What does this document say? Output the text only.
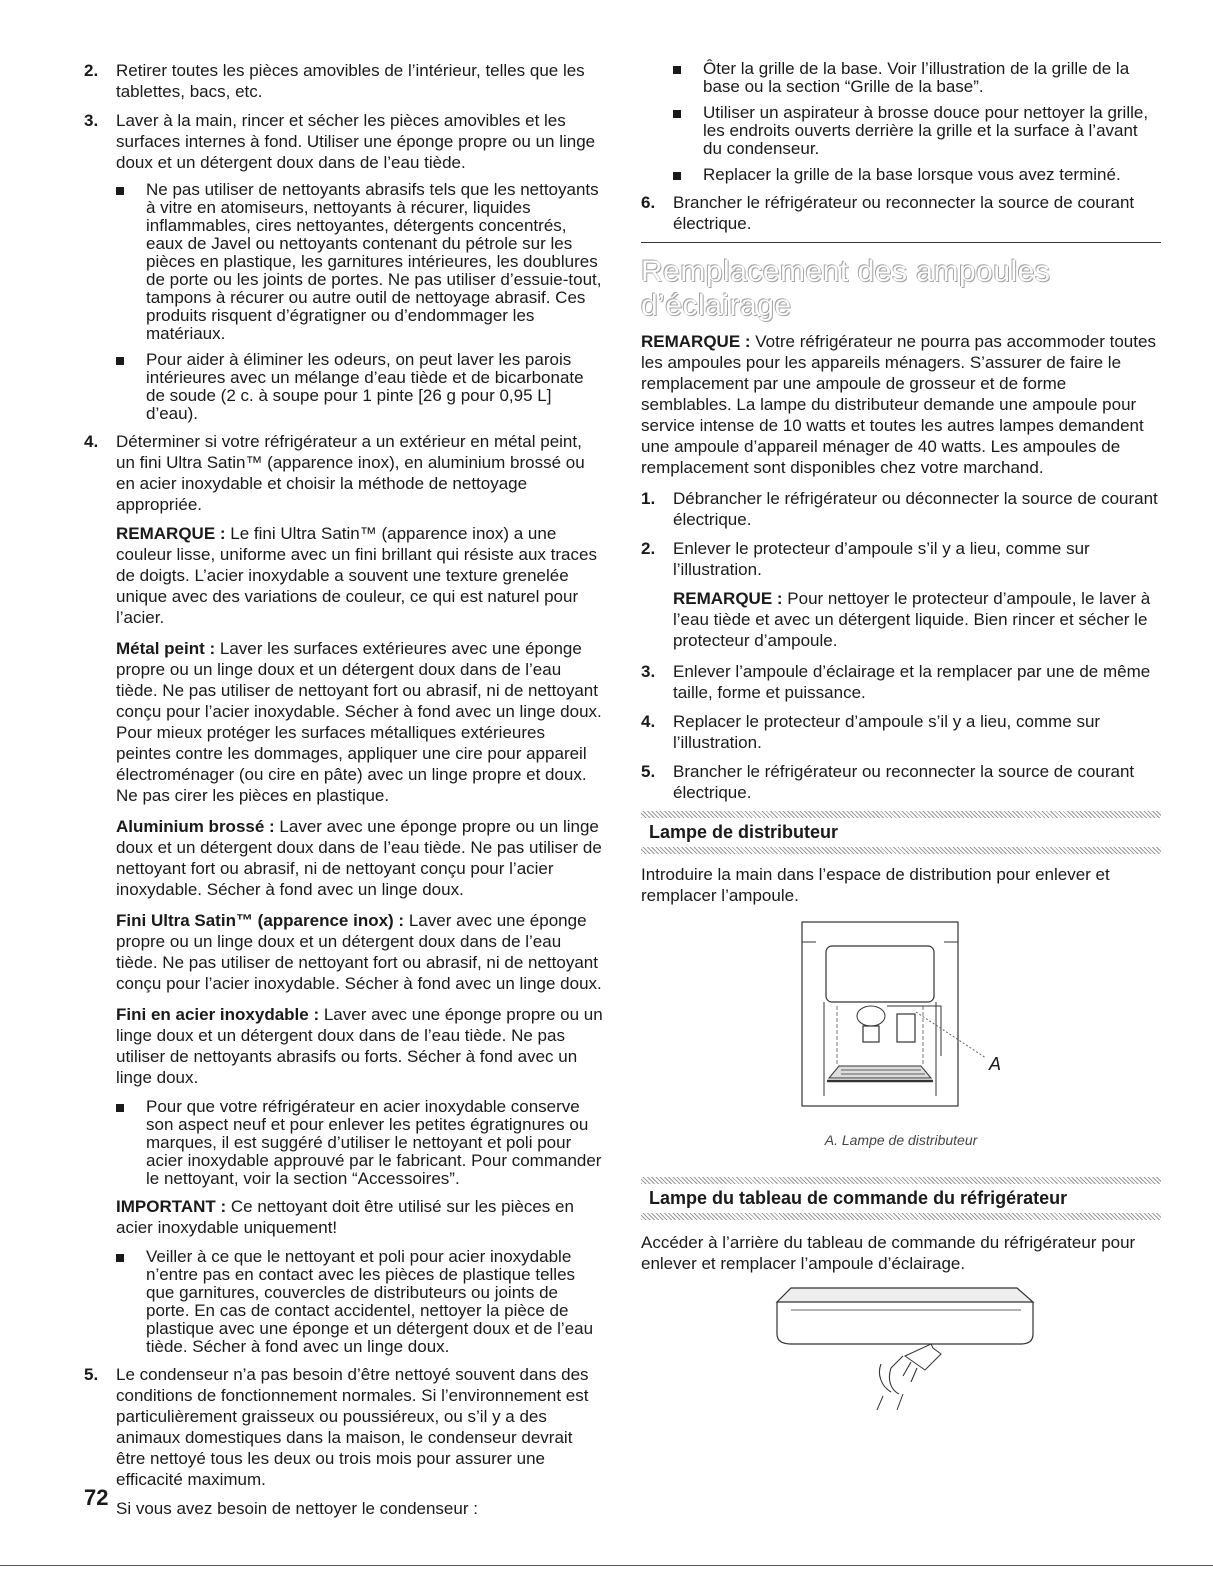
2. Retirer toutes les pièces amovibles de l’intérieur, telles que les tablettes, bacs, etc.
3. Laver à la main, rincer et sécher les pièces amovibles et les surfaces internes à fond. Utiliser une éponge propre ou un linge doux et un détergent doux dans de l’eau tiède.
Ne pas utiliser de nettoyants abrasifs tels que les nettoyants à vitre en atomiseurs, nettoyants à récurer, liquides inflammables, cires nettoyantes, détergents concentrés, eaux de Javel ou nettoyants contenant du pétrole sur les pièces en plastique, les garnitures intérieures, les doublures de porte ou les joints de portes. Ne pas utiliser d’essuie-tout, tampons à récurer ou autre outil de nettoyage abrasif. Ces produits risquent d’égratigner ou d’endommager les matériaux.
Pour aider à éliminer les odeurs, on peut laver les parois intérieures avec un mélange d’eau tiède et de bicarbonate de soude (2 c. à soupe pour 1 pinte [26 g pour 0,95 L] d’eau).
4. Déterminer si votre réfrigérateur a un extérieur en métal peint, un fini Ultra Satin™ (apparence inox), en aluminium brossé ou en acier inoxydable et choisir la méthode de nettoyage appropriée.

REMARQUE : Le fini Ultra Satin™ (apparence inox) a une couleur lisse, uniforme avec un fini brillant qui résiste aux traces de doigts. L’acier inoxydable a souvent une texture grenelée unique avec des variations de couleur, ce qui est naturel pour l’acier.

Métal peint : Laver les surfaces extérieures avec une éponge propre ou un linge doux et un détergent doux dans de l’eau tiède. Ne pas utiliser de nettoyant fort ou abrasif, ni de nettoyant conçu pour l’acier inoxydable. Sécher à fond avec un linge doux. Pour mieux protéger les surfaces métalliques extérieures peintes contre les dommages, appliquer une cire pour appareil électroménager (ou cire en pâte) avec un linge propre et doux. Ne pas cirer les pièces en plastique.

Aluminium brossé : Laver avec une éponge propre ou un linge doux et un détergent doux dans de l’eau tiède. Ne pas utiliser de nettoyant fort ou abrasif, ni de nettoyant conçu pour l’acier inoxydable. Sécher à fond avec un linge doux.

Fini Ultra Satin™ (apparence inox) : Laver avec une éponge propre ou un linge doux et un détergent doux dans de l’eau tiède. Ne pas utiliser de nettoyant fort ou abrasif, ni de nettoyant conçu pour l’acier inoxydable. Sécher à fond avec un linge doux.

Fini en acier inoxydable : Laver avec une éponge propre ou un linge doux et un détergent doux dans de l’eau tiède. Ne pas utiliser de nettoyants abrasifs ou forts. Sécher à fond avec un linge doux.

Pour que votre réfrigérateur en acier inoxydable conserve son aspect neuf et pour enlever les petites égratignures ou marques, il est suggéré d’utiliser le nettoyant et poli pour acier inoxydable approuvé par le fabricant. Pour commander le nettoyant, voir la section “Accessoires”.

IMPORTANT : Ce nettoyant doit être utilisé sur les pièces en acier inoxydable uniquement!

Veiller à ce que le nettoyant et poli pour acier inoxydable n’entre pas en contact avec les pièces de plastique telles que garnitures, couvercles de distributeurs ou joints de porte. En cas de contact accidentel, nettoyer la pièce de plastique avec une éponge et un détergent doux et de l’eau tiède. Sécher à fond avec un linge doux.
5. Le condenseur n’a pas besoin d’être nettoyé souvent dans des conditions de fonctionnement normales. Si l’environnement est particulièrement graisseux ou poussiéreux, ou s’il y a des animaux domestiques dans la maison, le condenseur devrait être nettoyé tous les deux ou trois mois pour assurer une efficacité maximum.

Si vous avez besoin de nettoyer le condenseur :

Ôter la grille de la base. Voir l’illustration de la grille de la base ou la section “Grille de la base”.
Utiliser un aspirateur à brosse douce pour nettoyer la grille, les endroits ouverts derrière la grille et la surface à l’avant du condenseur.
Replacer la grille de la base lorsque vous avez terminé.
6. Brancher le réfrigérateur ou reconnecter la source de courant électrique.
Remplacement des ampoules d’éclairage

REMARQUE : Votre réfrigérateur ne pourra pas accommoder toutes les ampoules pour les appareils ménagers. S’assurer de faire le remplacement par une ampoule de grosseur et de forme semblables. La lampe du distributeur demande une ampoule pour service intense de 10 watts et toutes les autres lampes demandent une ampoule d’appareil ménager de 40 watts. Les ampoules de remplacement sont disponibles chez votre marchand.

1. Débrancher le réfrigérateur ou déconnecter la source de courant électrique.
2. Enlever le protecteur d’ampoule s’il y a lieu, comme sur l’illustration.

REMARQUE : Pour nettoyer le protecteur d’ampoule, le laver à l’eau tiède et avec un détergent liquide. Bien rincer et sécher le protecteur d’ampoule.

3. Enlever l’ampoule d’éclairage et la remplacer par une de même taille, forme et puissance.
4. Replacer le protecteur d’ampoule s’il y a lieu, comme sur l’illustration.
5. Brancher le réfrigérateur ou reconnecter la source de courant électrique.
Lampe de distributeur

Introduire la main dans l’espace de distribution pour enlever et remplacer l’ampoule.

A
A. Lampe de distributeur
Lampe du tableau de commande du réfrigérateur

Accéder à l’arrière du tableau de commande du réfrigérateur pour enlever et remplacer l’ampoule d’éclairage.

72
